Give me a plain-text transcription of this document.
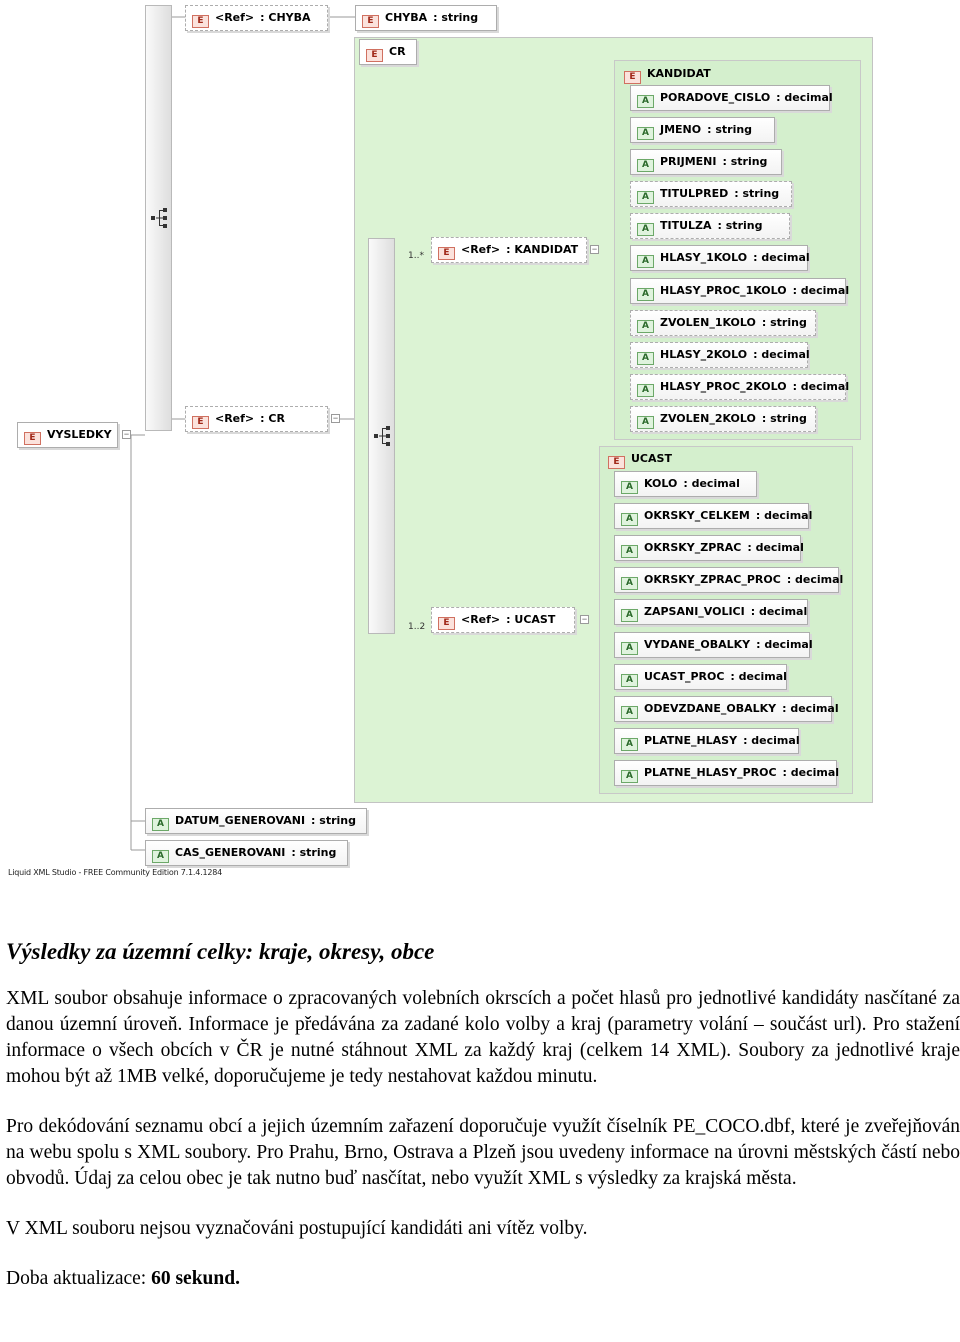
E CR
E VYSLEDKY	−
E <Ref> : CHYBA	E CHYBA : string
E <Ref> : CR	−
1..*	E <Ref> : KANDIDAT	−
1..2	E <Ref> : UCAST	−
E KANDIDAT
A PORADOVE_CISLO : decimal
A JMENO : string
A PRIJMENI : string
A TITULPRED : string
A TITULZA : string
A HLASY_1KOLO : decimal
A HLASY_PROC_1KOLO : decimal
A ZVOLEN_1KOLO : string
A HLASY_2KOLO : decimal
A HLASY_PROC_2KOLO : decimal
A ZVOLEN_2KOLO : string
E UCAST
A KOLO : decimal
A OKRSKY_CELKEM : decimal
A OKRSKY_ZPRAC : decimal
A OKRSKY_ZPRAC_PROC : decimal
A ZAPSANI_VOLICI : decimal
A VYDANE_OBALKY : decimal
A UCAST_PROC : decimal
A ODEVZDANE_OBALKY : decimal
A PLATNE_HLASY : decimal
A PLATNE_HLASY_PROC : decimal
A DATUM_GENEROVANI : string
A CAS_GENEROVANI : string
Liquid XML Studio - FREE Community Edition 7.1.4.1284
Výsledky za územní celky: kraje, okresy, obce

XML soubor obsahuje informace o zpracovaných volebních okrscích a počet hlasů pro jednotlivé kandidáty nasčítané za danou územní úroveň. Informace je předávána za zadané kolo volby a kraj (parametry volání – součást url). Pro stažení informace o všech obcích v ČR je nutné stáhnout XML za každý kraj (celkem 14 XML). Soubory za jednotlivé kraje mohou být až 1MB velké, doporučujeme je tedy nestahovat každou minutu.

Pro dekódování seznamu obcí a jejich územním zařazení doporučuje využít číselník PE_COCO.dbf, které je zveřejňován na webu spolu s XML soubory. Pro Prahu, Brno, Ostrava a Plzeň jsou uvedeny informace na úrovni městských částí nebo obvodů. Údaj za celou obec je tak nutno buď nasčítat, nebo využít XML s výsledky za krajská města.

V XML souboru nejsou vyznačováni postupující kandidáti ani vítěz volby.

Doba aktualizace: 60 sekund.
